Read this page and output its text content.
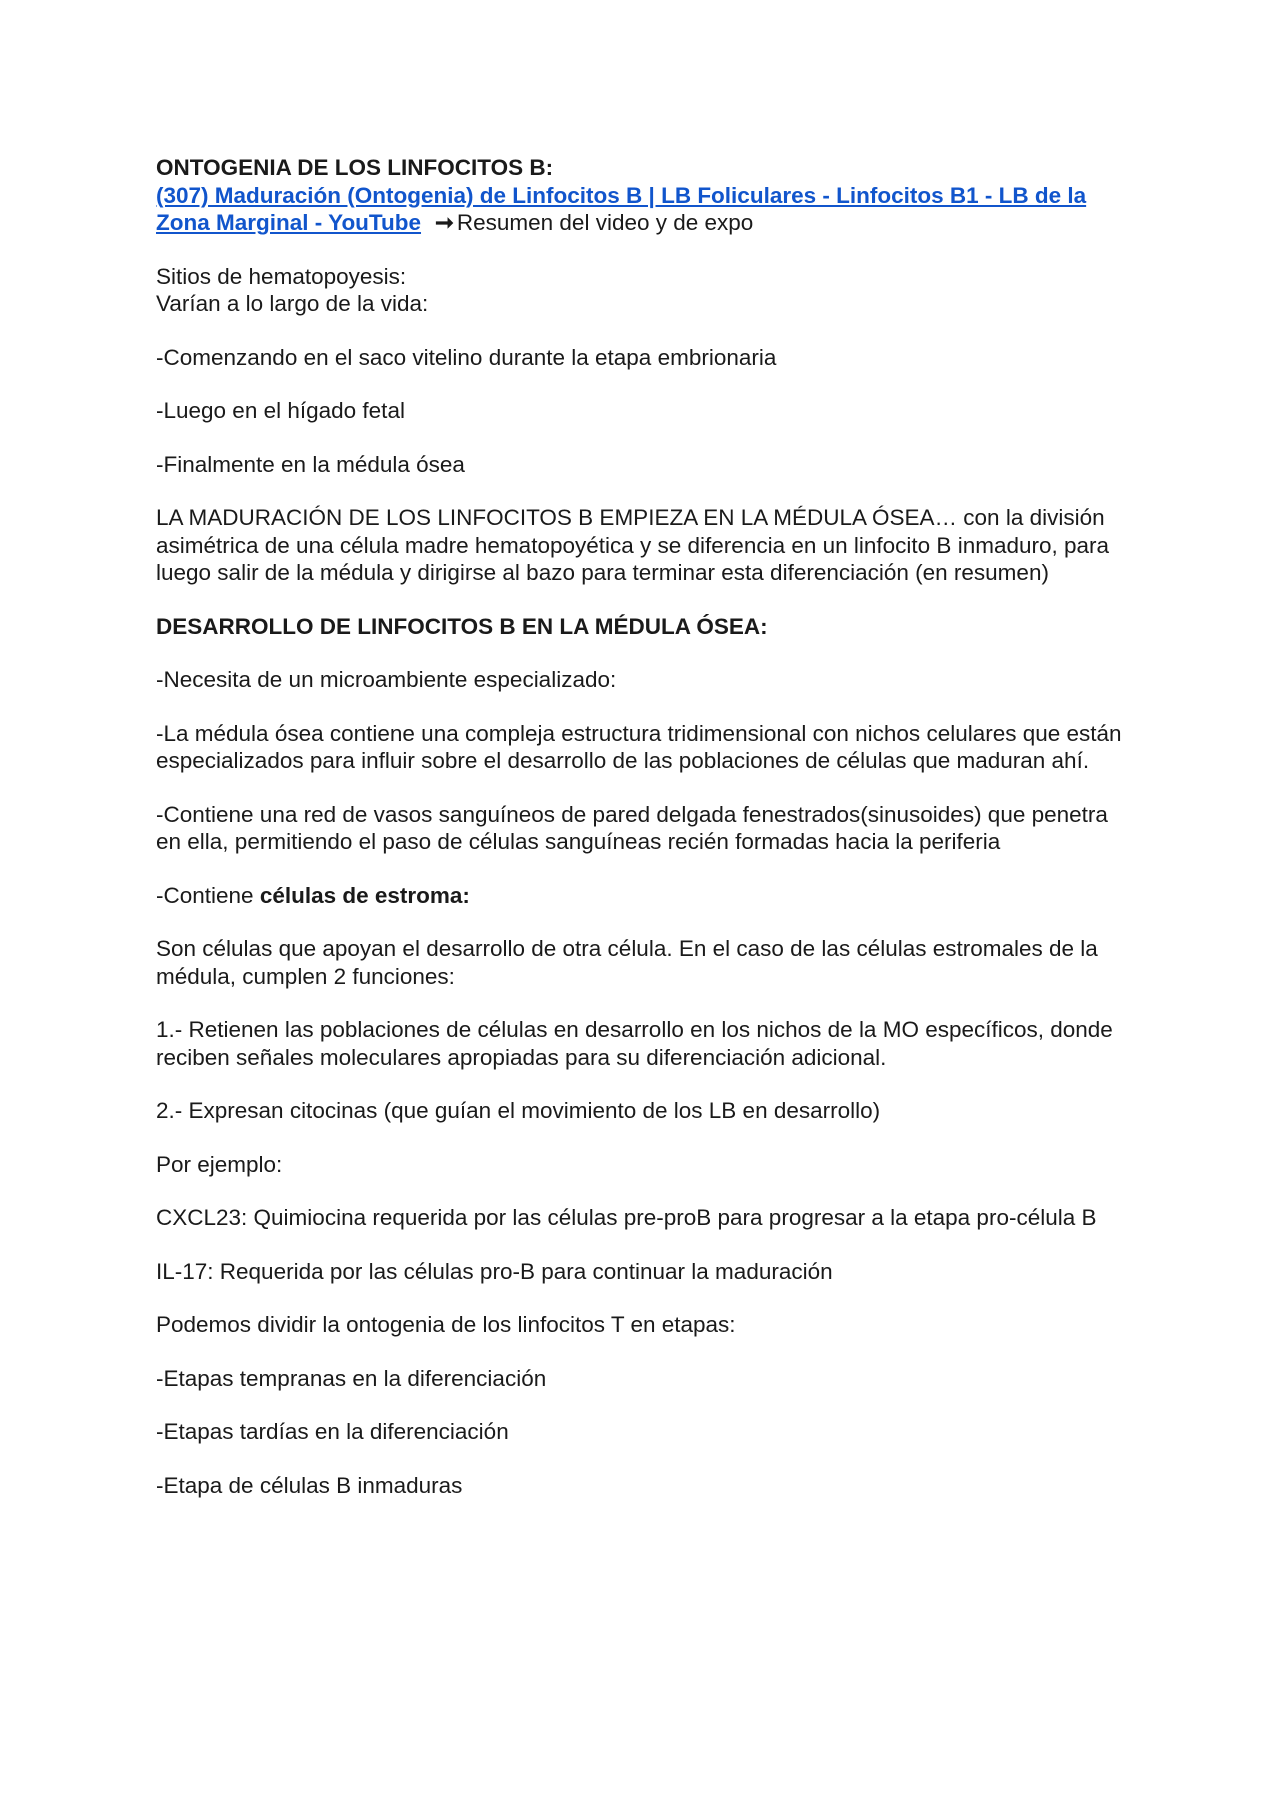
ONTOGENIA DE LOS LINFOCITOS B:

(307) Maduración (Ontogenia) de Linfocitos B | LB Foliculares - Linfocitos B1 - LB de la Zona Marginal - YouTube ➞ Resumen del video y de expo

Sitios de hematopoyesis:

Varían a lo largo de la vida:

-Comenzando en el saco vitelino durante la etapa embrionaria

-Luego en el hígado fetal

-Finalmente en la médula ósea

LA MADURACIÓN DE LOS LINFOCITOS B EMPIEZA EN LA MÉDULA ÓSEA… con la división asimétrica de una célula madre hematopoyética y se diferencia en un linfocito B inmaduro, para luego salir de la médula y dirigirse al bazo para terminar esta diferenciación (en resumen)

DESARROLLO DE LINFOCITOS B EN LA MÉDULA ÓSEA:

-Necesita de un microambiente especializado:

-La médula ósea contiene una compleja estructura tridimensional con nichos celulares que están especializados para influir sobre el desarrollo de las poblaciones de células que maduran ahí.

-Contiene una red de vasos sanguíneos de pared delgada fenestrados(sinusoides) que penetra en ella, permitiendo el paso de células sanguíneas recién formadas hacia la periferia

-Contiene células de estroma:

Son células que apoyan el desarrollo de otra célula. En el caso de las células estromales de la médula, cumplen 2 funciones:

1.- Retienen las poblaciones de células en desarrollo en los nichos de la MO específicos, donde reciben señales moleculares apropiadas para su diferenciación adicional.

2.- Expresan citocinas (que guían el movimiento de los LB en desarrollo)

Por ejemplo:

CXCL23: Quimiocina requerida por las células pre-proB para progresar a la etapa pro-célula B

IL-17: Requerida por las células pro-B para continuar la maduración

Podemos dividir la ontogenia de los linfocitos T en etapas:

-Etapas tempranas en la diferenciación

-Etapas tardías en la diferenciación

-Etapa de células B inmaduras
